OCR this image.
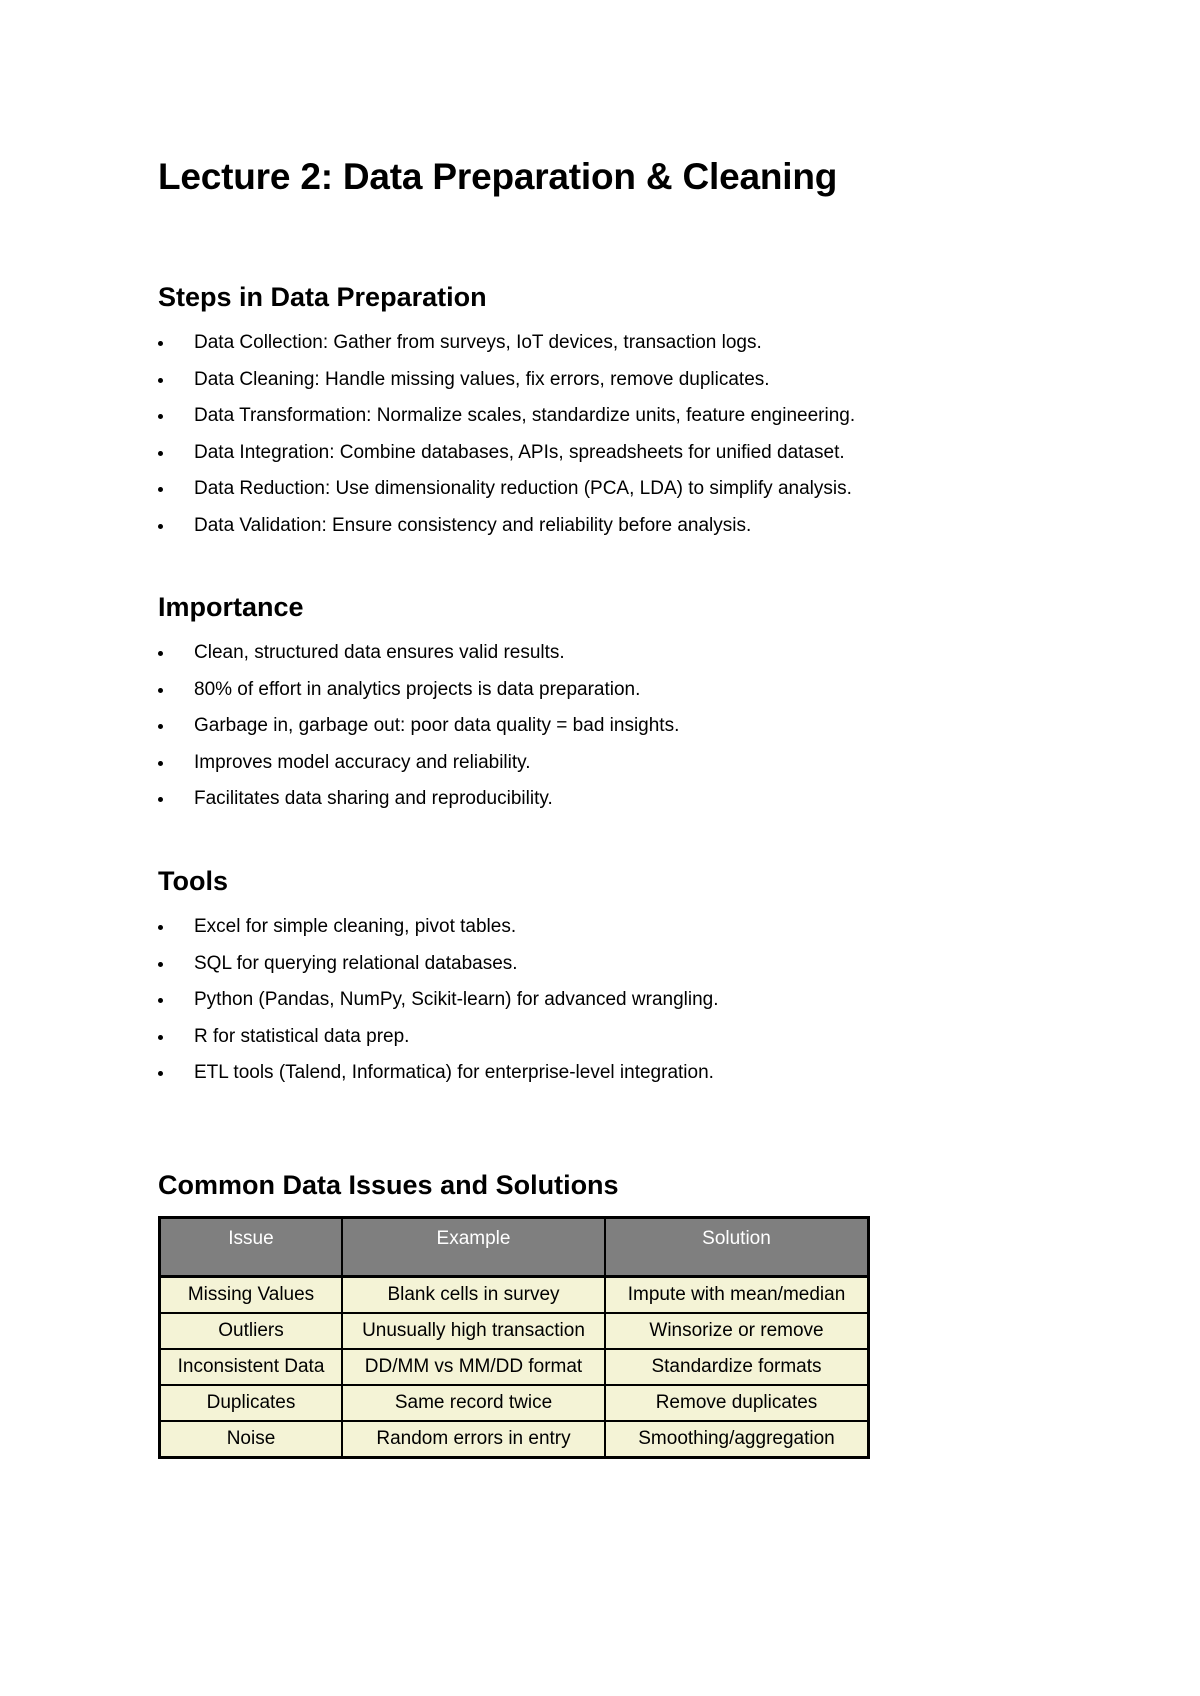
Lecture 2: Data Preparation & Cleaning
Steps in Data Preparation
Data Collection: Gather from surveys, IoT devices, transaction logs.
Data Cleaning: Handle missing values, fix errors, remove duplicates.
Data Transformation: Normalize scales, standardize units, feature engineering.
Data Integration: Combine databases, APIs, spreadsheets for unified dataset.
Data Reduction: Use dimensionality reduction (PCA, LDA) to simplify analysis.
Data Validation: Ensure consistency and reliability before analysis.
Importance
Clean, structured data ensures valid results.
80% of effort in analytics projects is data preparation.
Garbage in, garbage out: poor data quality = bad insights.
Improves model accuracy and reliability.
Facilitates data sharing and reproducibility.
Tools
Excel for simple cleaning, pivot tables.
SQL for querying relational databases.
Python (Pandas, NumPy, Scikit-learn) for advanced wrangling.
R for statistical data prep.
ETL tools (Talend, Informatica) for enterprise-level integration.
Common Data Issues and Solutions
Issue	Example	Solution
Missing Values	Blank cells in survey	Impute with mean/median
Outliers	Unusually high transaction	Winsorize or remove
Inconsistent Data	DD/MM vs MM/DD format	Standardize formats
Duplicates	Same record twice	Remove duplicates
Noise	Random errors in entry	Smoothing/aggregation
